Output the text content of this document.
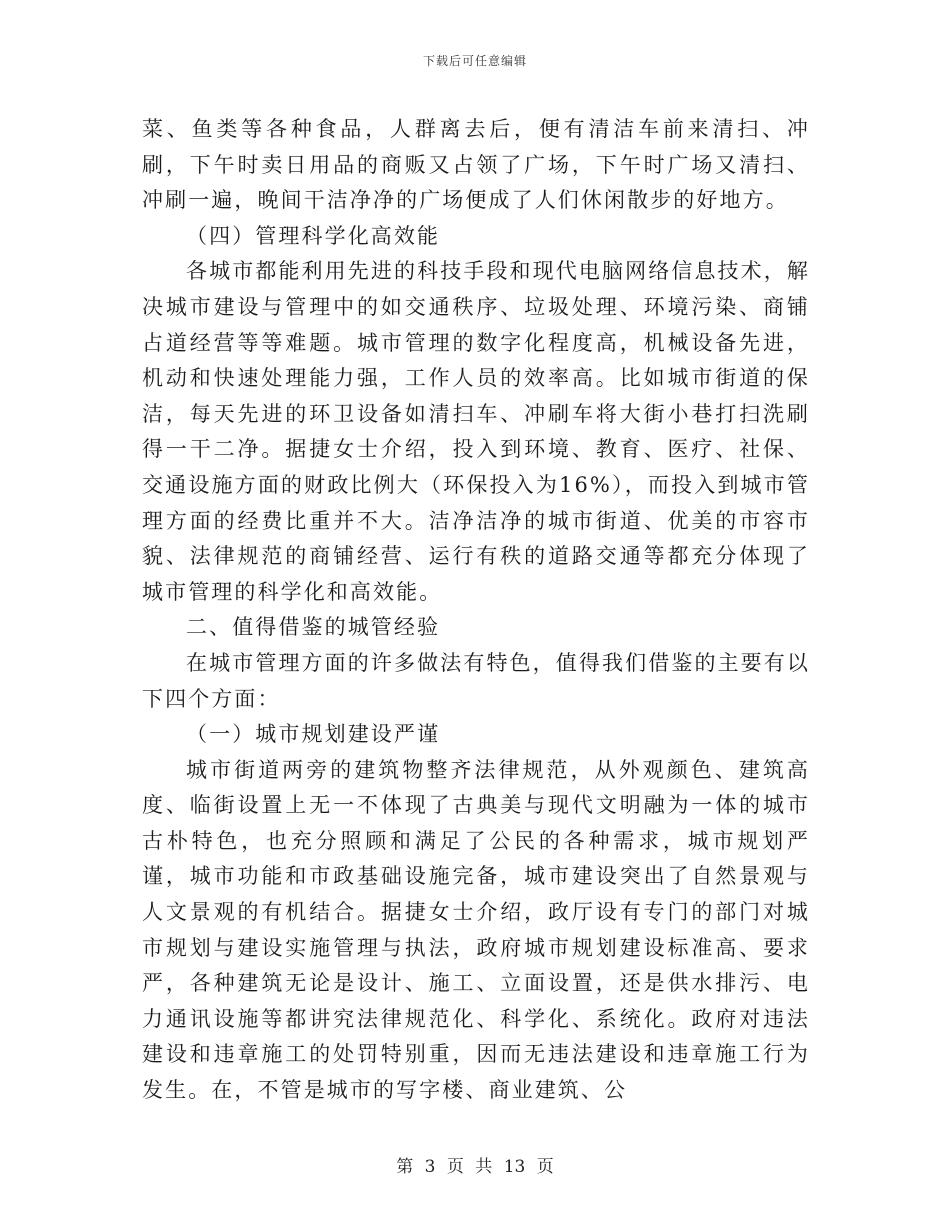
下载后可任意编辑

菜、鱼类等各种食品，人群离去后，便有清洁车前来清扫、冲刷，下午时卖日用品的商贩又占领了广场，下午时广场又清扫、冲刷一遍，晚间干洁净净的广场便成了人们休闲散步的好地方。

（四）管理科学化高效能

各城市都能利用先进的科技手段和现代电脑网络信息技术，解决城市建设与管理中的如交通秩序、垃圾处理、环境污染、商铺占道经营等等难题。城市管理的数字化程度高，机械设备先进，机动和快速处理能力强，工作人员的效率高。比如城市街道的保洁，每天先进的环卫设备如清扫车、冲刷车将大街小巷打扫洗刷得一干二净。据捷女士介绍，投入到环境、教育、医疗、社保、交通设施方面的财政比例大（环保投入为16%），而投入到城市管理方面的经费比重并不大。洁净洁净的城市街道、优美的市容市貌、法律规范的商铺经营、运行有秩的道路交通等都充分体现了城市管理的科学化和高效能。

二、值得借鉴的城管经验

在城市管理方面的许多做法有特色，值得我们借鉴的主要有以下四个方面：

（一）城市规划建设严谨

城市街道两旁的建筑物整齐法律规范，从外观颜色、建筑高度、临街设置上无一不体现了古典美与现代文明融为一体的城市古朴特色，也充分照顾和满足了公民的各种需求，城市规划严谨，城市功能和市政基础设施完备，城市建设突出了自然景观与人文景观的有机结合。据捷女士介绍，政厅设有专门的部门对城市规划与建设实施管理与执法，政府城市规划建设标准高、要求严，各种建筑无论是设计、施工、立面设置，还是供水排污、电力通讯设施等都讲究法律规范化、科学化、系统化。政府对违法建设和违章施工的处罚特别重，因而无违法建设和违章施工行为发生。在，不管是城市的写字楼、商业建筑、公

第 3 页 共 13 页
